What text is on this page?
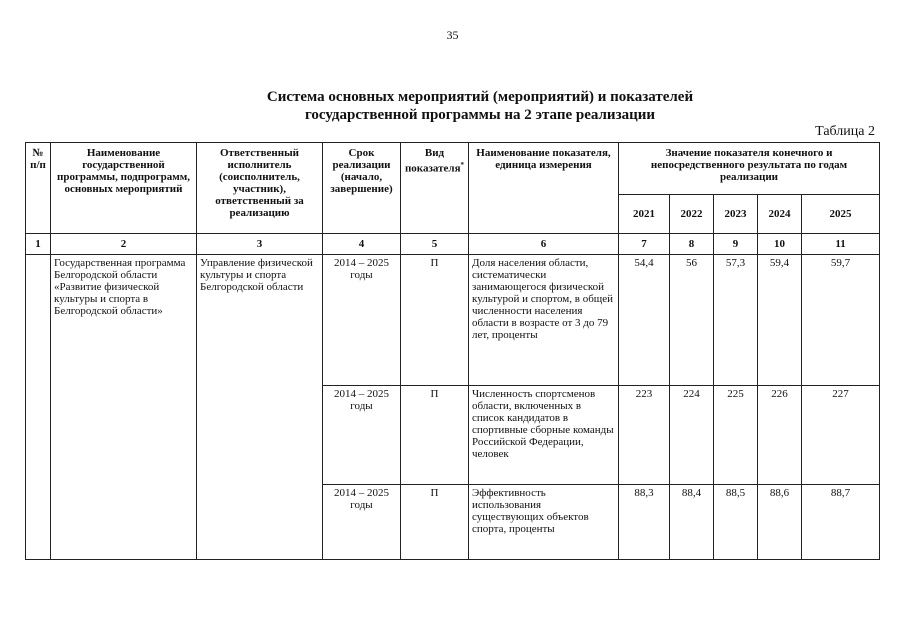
35
Система основных мероприятий (мероприятий) и показателей
государственной программы на 2 этапе реализации
Таблица 2
№ п/п	Наименование государственной программы, подпрограмм, основных мероприятий	Ответственный исполнитель (соисполнитель, участник), ответственный за реализацию	Срок реализации (начало, завершение)	Вид показателя*	Наименование показателя, единица измерения	Значение показателя конечного и непосредственного результата по годам реализации				
						2021	2022	2023	2024	2025
1	2	3	4	5	6	7	8	9	10	11
	Государственная программа Белгородской области «Развитие физической культуры и спорта в Белгородской области»	Управление физической культуры и спорта Белгородской области	2014 – 2025 годы	П	Доля населения области, систематически занимающегося физической культурой и спортом, в общей численности населения области в возрасте от 3 до 79 лет, проценты	54,4	56	57,3	59,4	59,7
			2014 – 2025 годы	П	Численность спортсменов области, включенных в список кандидатов в спортивные сборные команды Российской Федерации, человек	223	224	225	226	227
			2014 – 2025 годы	П	Эффективность использования существующих объектов спорта, проценты	88,3	88,4	88,5	88,6	88,7
